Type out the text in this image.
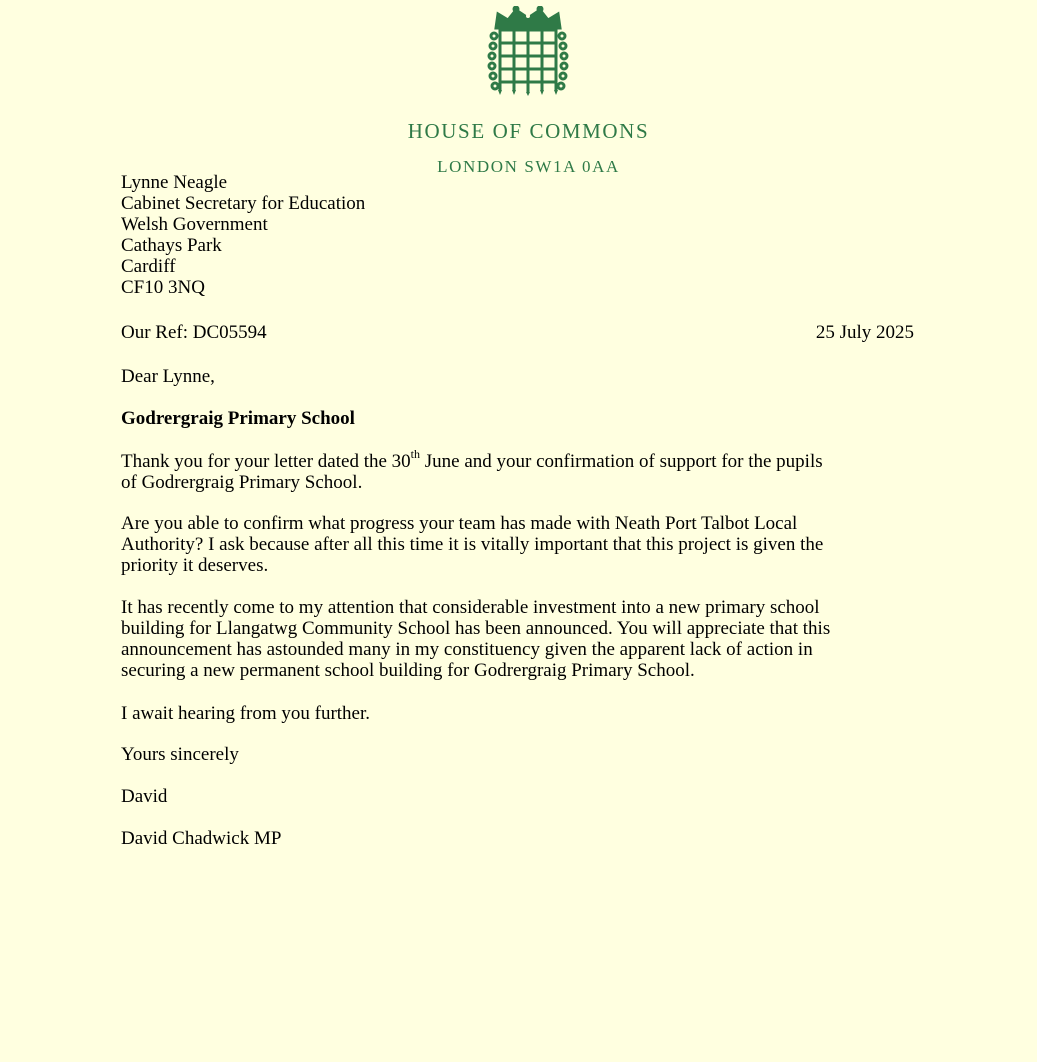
HOUSE OF COMMONS
LONDON SW1A 0AA
Lynne Neagle
Cabinet Secretary for Education
Welsh Government
Cathays Park
Cardiff
CF10 3NQ
Our Ref: DC05594	25 July 2025
Dear Lynne,
Godrergraig Primary School
Thank you for your letter dated the 30th June and your confirmation of support for the pupils
of Godrergraig Primary School.
Are you able to confirm what progress your team has made with Neath Port Talbot Local
Authority? I ask because after all this time it is vitally important that this project is given the
priority it deserves.
It has recently come to my attention that considerable investment into a new primary school
building for Llangatwg Community School has been announced. You will appreciate that this
announcement has astounded many in my constituency given the apparent lack of action in
securing a new permanent school building for Godrergraig Primary School.
I await hearing from you further.
Yours sincerely
David
David Chadwick MP
